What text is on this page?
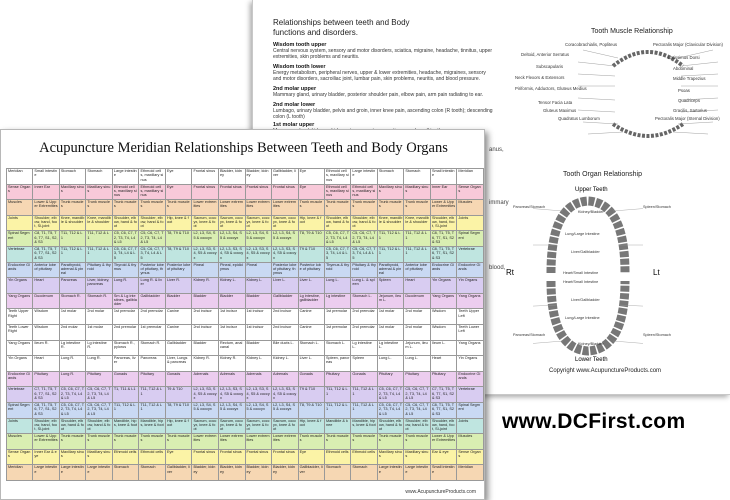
Relationships between teeth and Body functions and disorders.
Wisdom tooth upper
Central nervous system, sensory and motor disorders, sciatica, migraine, headache, tinnitus, upper extremities, skin problems and neuritis.
Wisdom tooth lower
Energy metabolism, peripheral nerves, upper & lower extremities, headache, migraines, sensory and motor disorders, sacroiliac joint, lumbar pain, skin problems, neuritis, and blood pressure.
2nd molar upper
Mammary gland, urinary bladder, posterior shoulder pain, elbow pain, arm pain radiating to ear.
2nd molar lower
Lumbago, urinary bladder, pelvis and groin, inner knee pain, ascending colon (R tooth); descending colon (L tooth)
1st molar upper
anus,
immary
blood,
Tooth Muscle Relationship
Coracobrachialis, Popliteus	Pectoralis Major (Clavicular Division)
Deltoid, Anterior Serratus
Latissimus Dorsi
Subscapularis	Abdominal
Neck Flexors & Extensors	Middle Trapezius
Piriformis, Adductors, Gluteus Medius	Psoas
Tensor Facia Lata	Quadriceps
Gluteus Maximus	Gracilis, Sartorius
Quadratus Lumborum	Pectoralis Major (Sternal Division)
Tooth Organ Relationship
Upper Teeth
Lower Teeth
Rt	Lt
Kidney/Bladder
Pancreas/Stomach	Spleen/Stomach
Lung/Large Intestine
Liver/Gallbladder
Heart/Small Intestine
Heart/Small Intestine
Liver/Gallbladder
Lung/Large Intestine
Spleen/Stomach
Pancreas/Stomach
Kidney/Bladder
Copyright www.AcupunctureProducts.com
Acupuncture Meridian Relationships Between Teeth and Body Organs
Meridian	Small intestine	Stomach	Stomach	Large intestine	Ethmoid cells, maxillary sinus	Eye	Frontal sinus	Bladder, kidney	Bladder, kidney	Gallbladder, liver	Eye	Ethmoid cells, maxillary sinus	Large intestine	Stomach	Stomach	Small intestine	Meridian
Sense Organs	Inner Ear	Maxillary sinus	Maxillary sinus	Ethmoid cells, maxillary sinus	Ethmoid cells, maxillary sinus	Eye	Frontal sinus	Frontal sinus	Frontal sinus	Frontal sinus	Eye	Ethmoid cells, maxillary sinus	Ethmoid cells, maxillary sinus	Maxillary sinus	Maxillary sinus	Inner Ear	Sense Organs
Muscles	Lower & Upper Extremities	Trunk muscles	Trunk muscles	Trunk muscles	Trunk muscles	Trunk muscles	Lower extremities	Lower extremities	Lower extremities	Lower extremities	Trunk muscles	Trunk muscles	Trunk muscles	Trunk muscles	Trunk muscles	Lower & Upper Extremities	Muscles
Joints	Shoulder, elbow, hand, foot, SI-joint	Knee, mandible & shoulder	Knee, mandible & shoulder	Shoulder, elbow, hand & foot	Shoulder, elbow, hand & foot	Hip, knee & foot	Sacrum, coccyx, knee & foot	Sacrum, coccyx, knee & foot	Sacrum, coccyx, knee & foot	Sacrum, coccyx, knee & foot	Hip, knee & foot	Shoulder, elbow, hand & foot	Shoulder, elbow, hand & foot	Knee, mandible & shoulder	Knee, mandible & shoulder	Shoulder, elbow, hand, foot, SI-joint	Joints
Spinal Segment	C8, T1, T5, T6, T7, S1, S2, & S3	T11, T12 & L1	T11, T12 & L1	C5, C6, C7, T2, T3, T4, L4 & L5	C5, C6, C7, T2, T3, T4, L4 & L5	T8, T9 & T10	L2, L3, S4, S5 & coccyx	L2, L3, S4, S5 & coccyx	L2, L3, S4, S5 & coccyx	L2, L3, S4, S5 & coccyx	T8, T9 & T10	C5, C6, C7, T2, T3, T4, L4 & L5	C5, C6, C7, T2, T3, T4, L4 & L5	T11, T12 & L1	T11, T12 & L1	C8, T1, T5, T6, T7, S1, S2 & S3	Spinal Segment
Vertebrae	C8, T1, T5, T6, T7, S1, S2 & S3	T11, T12 & L1	T11, T12 & L1	C5, C6, C7, T3, T4, L4 & L5	C5, C6, C7, T3, T4, L4 & L5	T8, T9 & T10	L2, L3, S3, S4, S5 & coccyx	L2, L3, S3, S4, S5 & coccyx	L2, L3, S3, S4, S5 & coccyx	L2, L3, S3, S4, S5 & coccyx	T9 & T10	C5, C6, C7, T3, T4, L4 & L5	C5, C6, C7, T3, T4, L4 & L5	T11, T12 & L1	T11, T12 & L1	C8, T1, T5, T6, T7, S1, S2 & S3	Vertebrae
Endocrine Glands	Anterior lobe of pituitary	Parathyroid, adrenal & pineal	Pituitary & thyroid	Thyroid & thymus	Posterior lobe of pituitary, thymus	Posterior lobe of pituitary	Pineal	Pineal, epididymus	Pineal	Posterior lobe of pituitary, thymus	Posterior lobe of pituitary	Thymus & thyroid	Pituitary & thyroid	Parathyroid, adrenal & pineal	Anterior lobe of pituitary	Endocrine Glands	Endocrine Glands
Yin Organs	Heart	Pancreas	Liver, kidney, pancreas	Lung R.	Lung R. & liver	Liver R.	Kidney R.	Kidney L.	Kidney L.	Liver L.	Liver L.	Lung L.	Lung L. & spleen	Spleen	Heart	Yin Organs	Yin Organs
Yang Organs	Duodenum	Stomach R.	Stomach R.	Sm & Lg intestines, gallbladder	Gallbladder	Bladder	Bladder	Bladder	Bladder	Gallbladder	Lg intestine, gallbladder	Lg intestine	Stomach L.	Jejunum, ileum L.	Duodenum	Yang Organs	Yang Organs
Teeth Upper Right	Wisdom	1st molar	2nd molar	1st premolar	2nd premolar	Canine	2nd incisor	1st incisor	1st incisor	2nd incisor	Canine	1st premolar	2nd premolar	1st molar	2nd molar	Wisdom	Teeth Upper Left
Teeth Lower Right	Wisdom	2nd molar	1st molar	2nd premolar	1st premolar	Canine	2nd incisor	1st incisor	1st incisor	2nd incisor	Canine	1st premolar	2nd premolar	1st molar	2nd molar	Wisdom	Teeth Lower Left
Yang Organs	Ileum R.	Lg intestine R.	Lg intestine R.	Stomach R., pylorus	Stomach R.	Gallbladder	Bladder	Rectum, anal canal	Bladder	Bile ducts L.	Stomach L.	Stomach L.	Lg intestine L.	Lg intestine L.	Jejunum, ileum L.	Ileum L.	Yang Organs
Yin Organs	Heart	Lung R.	Lung R.	Pancreas, liver	Pancreas	Liver, Lungs & pancreas	Kidney R.	Kidney R.	Kidney L.	Kidney L.	Liver L.	Spleen, pancreas	Spleen	Lung L.	Lung L.	Heart	Yin Organs
Endocrine Glands	Pituitary	Lung R.	Pituitary	Gonads	Pituitary	Gonads	Adrenals	Adrenals	Adrenals	Adrenals	Gonads	Pituitary	Gonads	Pituitary	Pituitary	Pituitary	Endocrine Glands
Vertebrae	C7, T1, T5, T6, T7, S1, S2 & S3	C5, C6, C7, T2, T3, T4, L4 & L5	C5, C6, C7, T2, T3, T4, L4 & L5	T1, T11 & L1	T11, T12 & L1	T9 & T10	L2, L3, S3, S4, S5 & coccyx	L2, L3, S3, S4, S5 & coccyx	L2, L3, S3, S4, S5 & coccyx	L2, L3, S3, S4, S5 & coccyx	T9 & T10	T11, T12 & L1	T11, T12 & L1	C5, C6, C7, T2, T3, T4, L4 & L5	C5, C6, C7, T2, T3, T4, L4 & L5	C7, T1, T5, T6, T7, S1, S2 & S3	Vertebrae
Spinal Segment	C8, T1, T5, T6, T7, S1, S2 & S3	C5, C6, C7, T2, T3, T4, L4 & L5	C5, C6, C7, T2, T3, T4, L4 & L5	T11, T12 & L1	T11, T12 & L1	T8, T9 & T10	L2, L3, S4, S5 & coccyx	L2, L3, S4, S5 & coccyx	L2, L3, S4, S5 & coccyx	L2, L3, S4, S5 & coccyx	T8, T9 & T10	T11, T12 & L1	T11, T12 & L1	C5, C6, C7, T2, T3, T4, L4 & L5	C5, C6, C7, T2, T3, T4, L4 & L5	C8, T1, T5, T6, T7, S1, S2 & S3	Spinal Segment
Joints	Shoulder, elbow, hand, foot, SI-joint	Shoulder, elbow, hand & foot	Shoulder, elbow, hand & foot	Mandible, hips, knee & foot	Mandible, hips, knee & foot	Hip, knee & foot	Sacrum, coccyx, knee & foot	Sacrum, coccyx, knee & foot	Sacrum, coccyx, knee & foot	Sacrum, coccyx, knee & foot	Hip, knee & foot	Mandible & knee	Mandible, hips, knee & foot	Shoulder, elbow, hand & foot	Shoulder, elbow, hand & foot	Shoulder, elbow, hand, foot, SI-joint	Joints
Muscles	Lower & Upper Extremities	Trunk muscles	Trunk muscles	Trunk muscles	Trunk muscles	Trunk muscles	Lower extremities	Lower extremities	Lower extremities	Lower extremities	Trunk muscles	Trunk muscles	Trunk muscles	Trunk muscles	Trunk muscles	Lower & Upper Extremities	Muscles
Sense Organs	Inner Ear & eye	Maxillary sinus	Maxillary sinus	Ethmoid cells	Ethmoid cells	Eye	Frontal sinus	Frontal sinus	Frontal sinus	Frontal sinus	Eye	Ethmoid cells	Ethmoid cells	Maxillary sinus	Maxillary sinus	Ear & eye	Sense Organs
Meridian	Large intestine	Large intestine	Large intestine	Stomach	Stomach	Gallbladder, liver	Bladder, kidney	Bladder, kidney	Bladder, kidney	Bladder, kidney	Gallbladder, liver	Stomach	Stomach	Large intestine	Large intestine	Small intestine	Meridian
www.AcupunctureProducts.com
www.DCFirst.com
